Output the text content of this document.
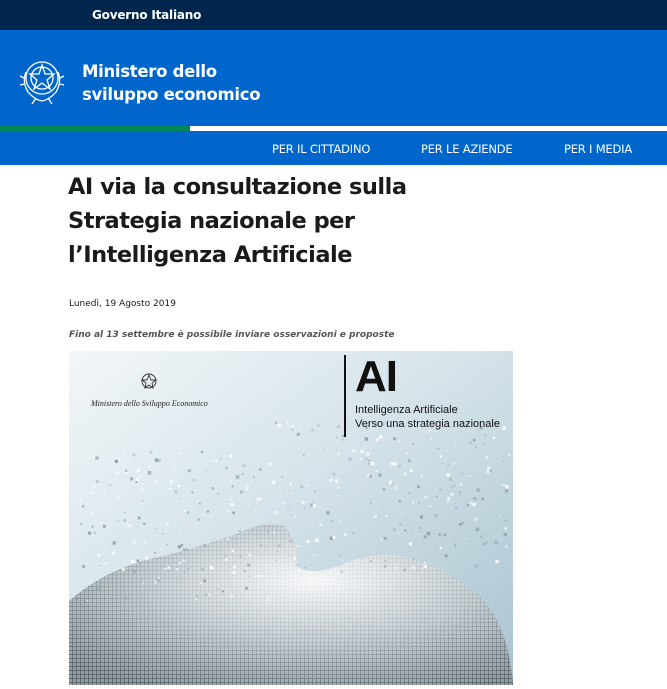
Governo Italiano
Ministero dello
sviluppo economico
PER IL CITTADINO	PER LE AZIENDE	PER I MEDIA
AI via la consultazione sulla
Strategia nazionale per
l’Intelligenza Artificiale
Lunedì, 19 Agosto 2019
Fino al 13 settembre è possibile inviare osservazioni e proposte
Ministero dello Sviluppo Economico
AI
Intelligenza Artificiale
Verso una strategia nazionale
